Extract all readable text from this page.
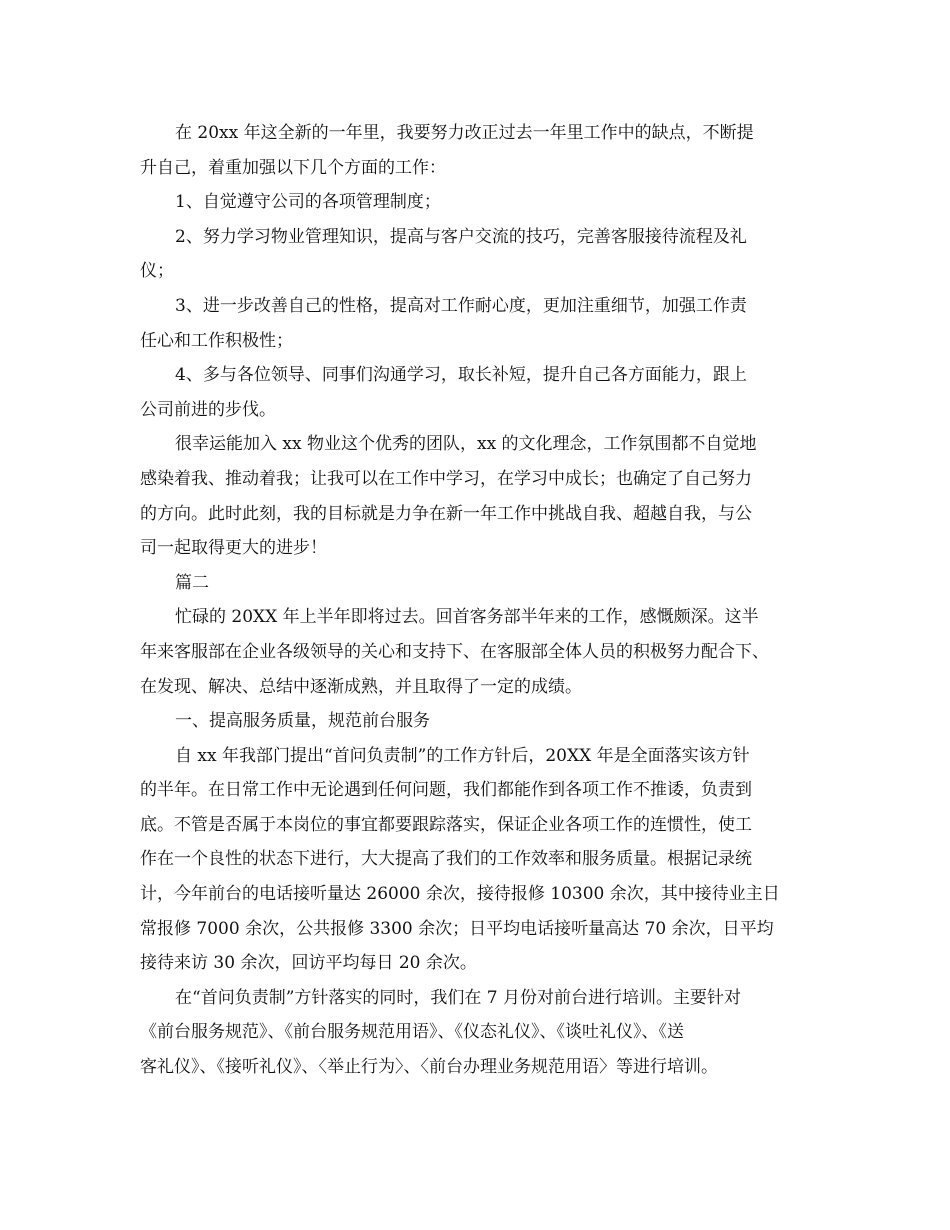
在 20xx 年这全新的一年里，我要努力改正过去一年里工作中的缺点，不断提
升自己，着重加强以下几个方面的工作：
1、自觉遵守公司的各项管理制度；
2、努力学习物业管理知识，提高与客户交流的技巧，完善客服接待流程及礼
仪；
3、进一步改善自己的性格，提高对工作耐心度，更加注重细节，加强工作责
任心和工作积极性；
4、多与各位领导、同事们沟通学习，取长补短，提升自己各方面能力，跟上
公司前进的步伐。
很幸运能加入 xx 物业这个优秀的团队，xx 的文化理念，工作氛围都不自觉地
感染着我、推动着我；让我可以在工作中学习，在学习中成长；也确定了自己努力
的方向。此时此刻，我的目标就是力争在新一年工作中挑战自我、超越自我，与公
司一起取得更大的进步！
篇二
忙碌的 20XX 年上半年即将过去。回首客务部半年来的工作，感慨颇深。这半
年来客服部在企业各级领导的关心和支持下、在客服部全体人员的积极努力配合下、
在发现、解决、总结中逐渐成熟，并且取得了一定的成绩。
一、提高服务质量，规范前台服务
自 xx 年我部门提出“首问负责制”的工作方针后，20XX 年是全面落实该方针
的半年。在日常工作中无论遇到任何问题，我们都能作到各项工作不推诿，负责到
底。不管是否属于本岗位的事宜都要跟踪落实，保证企业各项工作的连惯性，使工
作在一个良性的状态下进行，大大提高了我们的工作效率和服务质量。根据记录统
计，今年前台的电话接听量达 26000 余次，接待报修 10300 余次，其中接待业主日
常报修 7000 余次，公共报修 3300 余次；日平均电话接听量高达 70 余次，日平均
接待来访 30 余次，回访平均每日 20 余次。
在“首问负责制”方针落实的同时，我们在 7 月份对前台进行培训。主要针对
《前台服务规范》、《前台服务规范用语》、《仪态礼仪》、《谈吐礼仪》、《送
客礼仪》、《接听礼仪》、〈举止行为〉、〈前台办理业务规范用语〉等进行培训。
